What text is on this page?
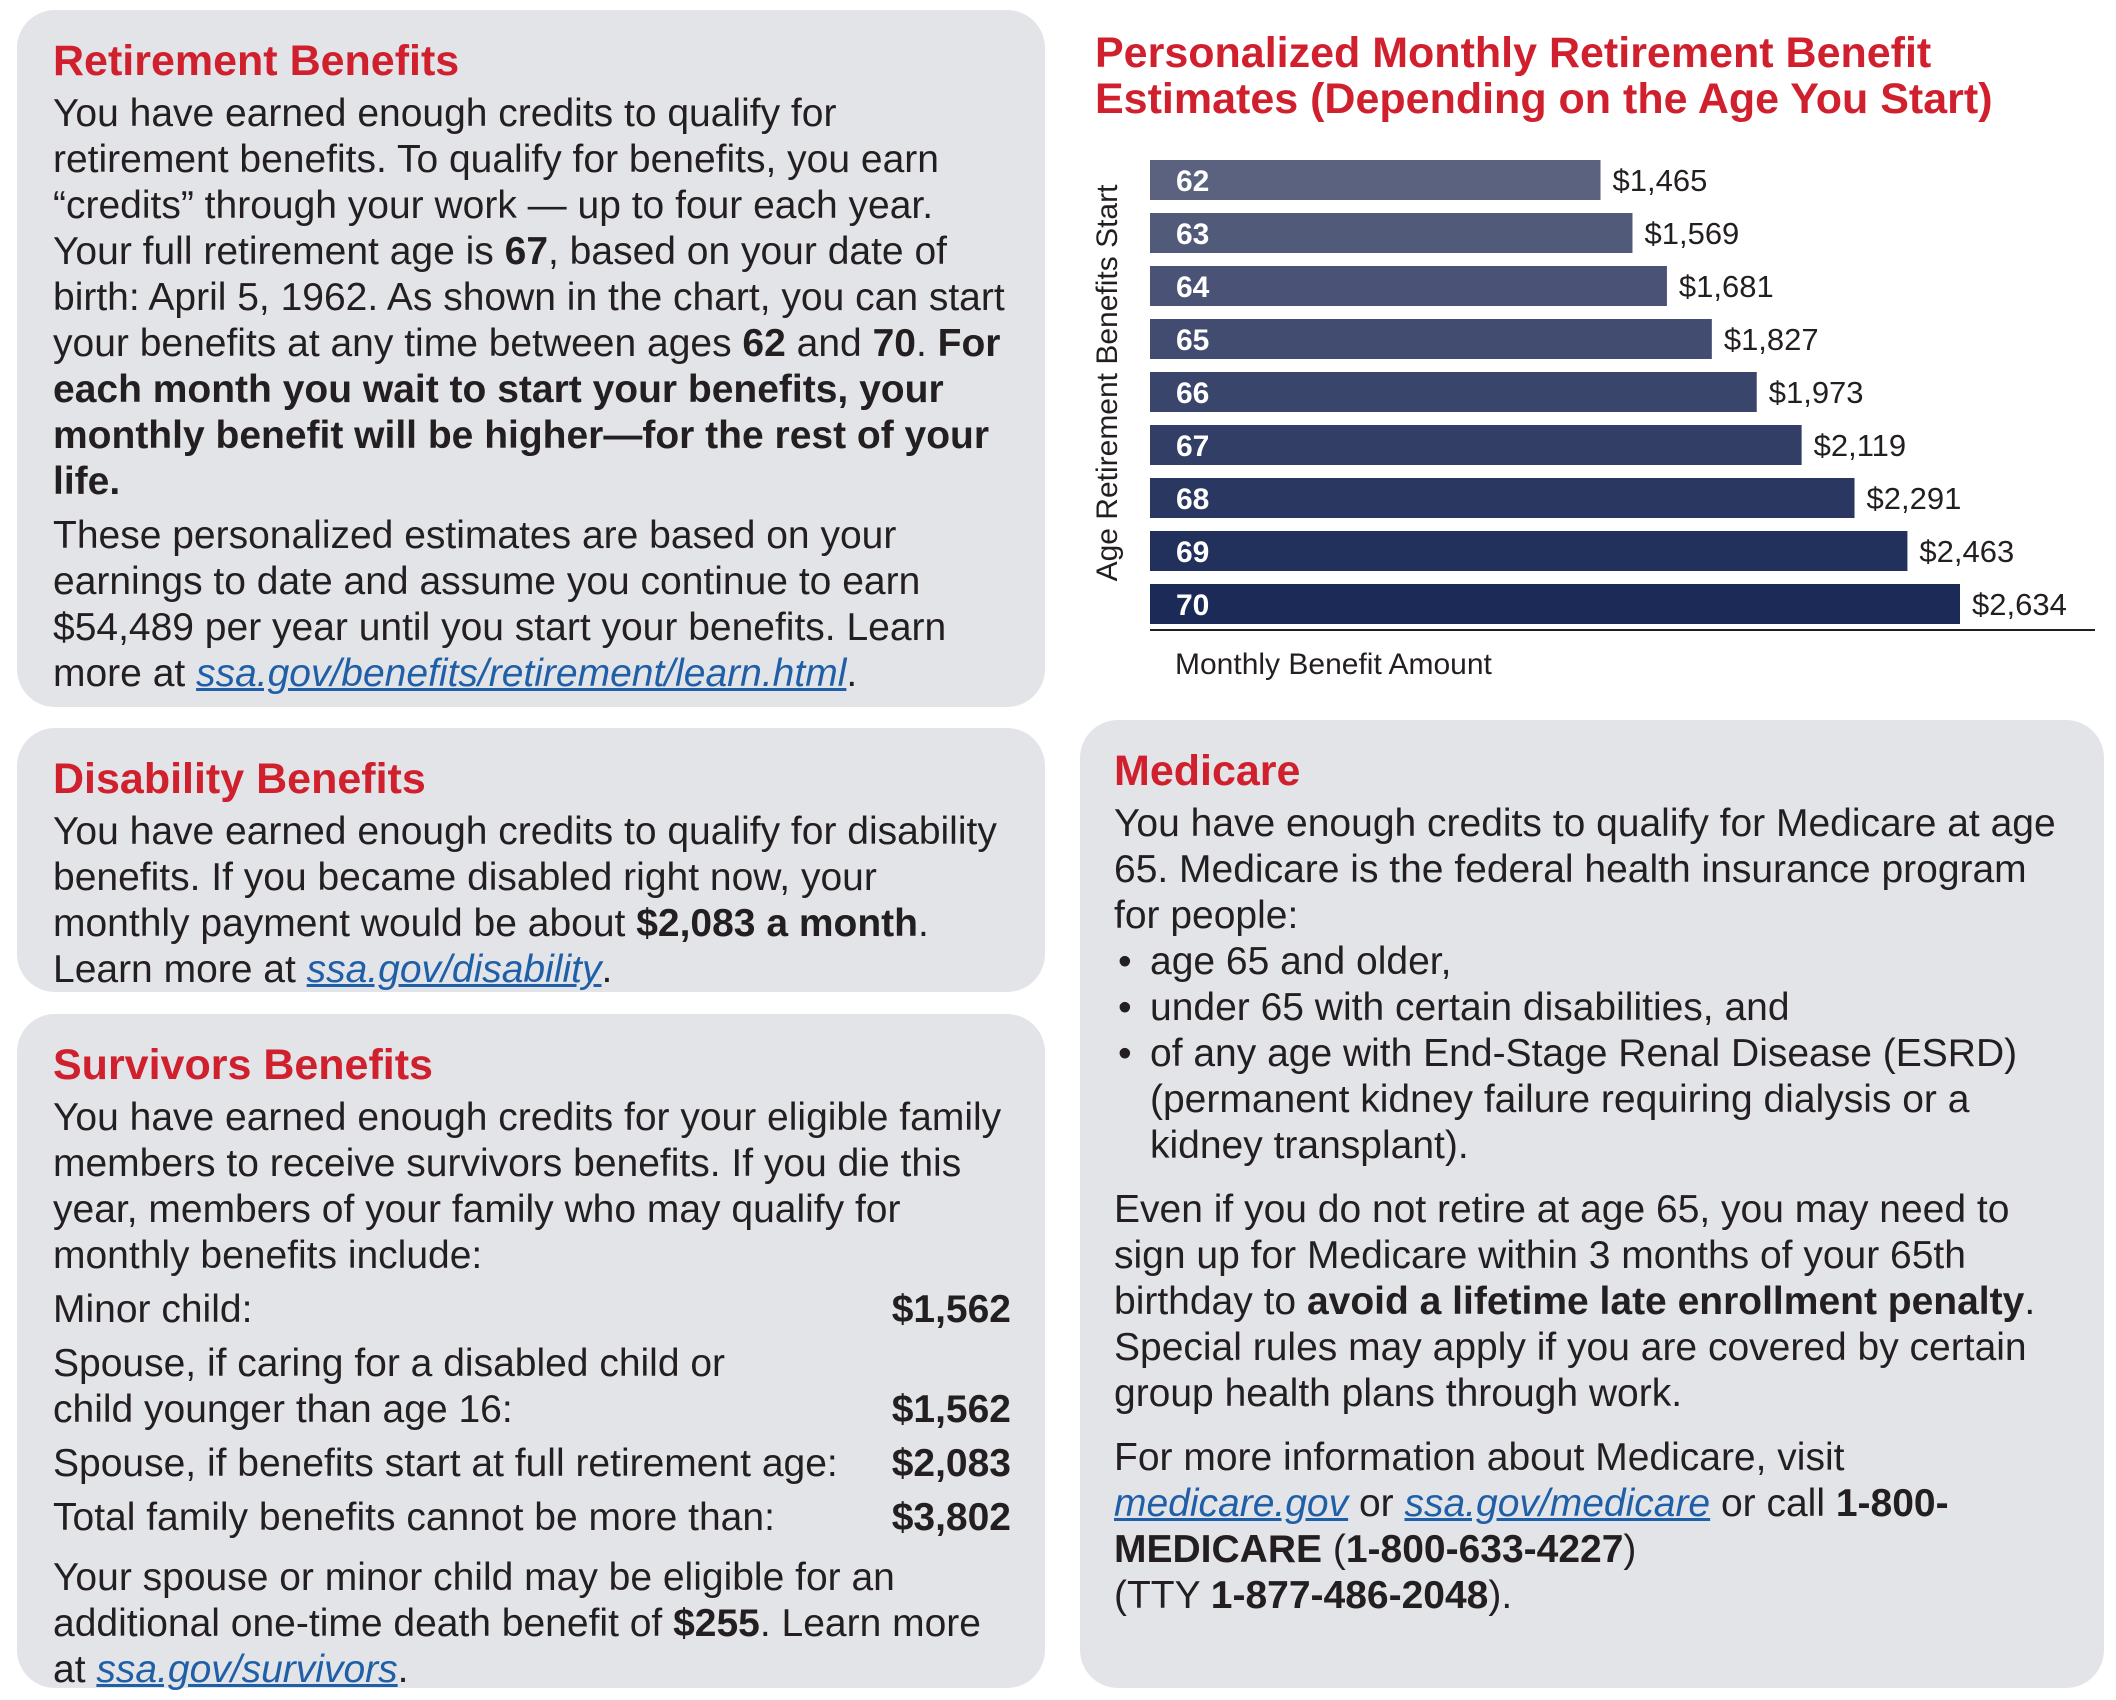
Retirement Benefits

You have earned enough credits to qualify for retirement benefits. To qualify for benefits, you earn “credits” through your work — up to four each year.

Your full retirement age is 67, based on your date of birth: April 5, 1962. As shown in the chart, you can start your benefits at any time between ages 62 and 70. For each month you wait to start your benefits, your monthly benefit will be higher—for the rest of your life.

These personalized estimates are based on your earnings to date and assume you continue to earn $54,489 per year until you start your benefits. Learn more at ssa.gov/benefits/retirement/learn.html.

Personalized Monthly Retirement Benefit Estimates (Depending on the Age You Start)
Age Retirement Benefits Start
62	$1,465
63	$1,569
64	$1,681
65	$1,827
66	$1,973
67	$2,119
68	$2,291
69	$2,463
70	$2,634
Monthly Benefit Amount
Disability Benefits

You have earned enough credits to qualify for disability benefits. If you became disabled right now, your monthly payment would be about $2,083 a month. Learn more at ssa.gov/disability.

Survivors Benefits

You have earned enough credits for your eligible family members to receive survivors benefits. If you die this year, members of your family who may qualify for monthly benefits include:

Minor child:	$1,562
Spouse, if caring for a disabled child or child younger than age 16:	$1,562
Spouse, if benefits start at full retirement age:	$2,083
Total family benefits cannot be more than:	$3,802

Your spouse or minor child may be eligible for an additional one-time death benefit of $255. Learn more at ssa.gov/survivors.

Medicare

You have enough credits to qualify for Medicare at age 65. Medicare is the federal health insurance program for people:

• age 65 and older,
• under 65 with certain disabilities, and
• of any age with End-Stage Renal Disease (ESRD) (permanent kidney failure requiring dialysis or a kidney transplant).

Even if you do not retire at age 65, you may need to sign up for Medicare within 3 months of your 65th birthday to avoid a lifetime late enrollment penalty. Special rules may apply if you are covered by certain group health plans through work.

For more information about Medicare, visit medicare.gov or ssa.gov/medicare or call 1-800-MEDICARE (1-800-633-4227)
(TTY 1-877-486-2048).
